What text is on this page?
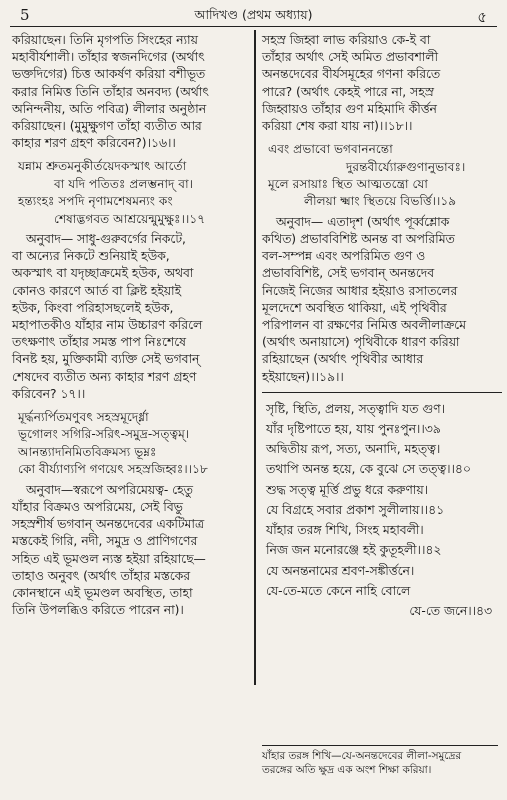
5	আদিখণ্ড (প্রথম অধ্যায়)	৫
করিয়াছেন। তিনি মৃগপতি সিংহের ন্যায়
মহাবীর্যশালী। তাঁহার স্বজনদিগের (অর্থাৎ
ভক্তদিগের) চিত্ত আকর্ষণ করিয়া বশীভূত
করার নিমিত্ত তিনি তাঁহার অনবদ্য (অর্থাৎ
অনিন্দনীয়, অতি পবিত্র) লীলার অনুষ্ঠান
করিয়াছেন। (মুমুক্ষুগণ তাঁহা ব্যতীত আর
কাহার শরণ গ্রহণ করিবেন?)।১৬।।
যন্নাম শ্রুতমনুকীর্তয়েদকস্মাৎ আর্তো
বা যদি পতিতঃ প্রলম্ভনাদ্ বা।
হন্ত্যংহঃ সপদি নৃণামশেষমন্যং কং
শেষাদ্ভগবত আশ্রয়েন্মুমুক্ষুঃ।।১৭
অনুবাদ— সাধু-গুরুবর্গের নিকটে,
বা অন্যের নিকটে শুনিয়াই হউক,
অকস্মাৎ বা যদৃচ্ছাক্রমেই হউক, অথবা
কোনও কারণে আর্ত বা ক্লিষ্ট হইয়াই
হউক, কিংবা পরিহাসছলেই হউক,
মহাপাতকীও যাঁহার নাম উচ্চারণ করিলে
তৎক্ষণাৎ তাঁহার সমস্ত পাপ নিঃশেষে
বিনষ্ট হয়, মুক্তিকামী ব্যক্তি সেই ভগবান্
শেষদেব ব্যতীত অন্য কাহার শরণ গ্রহণ
করিবেন? ১৭।।
মূর্দ্ধন্যর্পিতমণুবৎ সহস্রমূর্দ্ধ্নো
ভূগোলং সগিরি-সরিৎ-সমুদ্র-সত্ত্বম্।
আনন্ত্যাদনিমিতবিক্রমস্য ভূম্নঃ
কো বীর্য্যাণ্যপি গণয়েৎ সহস্রজিহ্বঃ।।১৮
অনুবাদ—স্বরূপে অপরিমেয়ত্ব- হেতু
যাঁহার বিক্রমও অপরিমেয়, সেই বিভু
সহস্রশীর্ষ ভগবান্ অনন্তদেবের একটিমাত্র
মস্তকেই গিরি, নদী, সমুদ্র ও প্রাণিগণের
সহিত এই ভূমণ্ডল ন্যস্ত হইয়া রহিয়াছে—
তাহাও অনুবৎ (অর্থাৎ তাঁহার মস্তকের
কোনস্থানে এই ভূমণ্ডল অবস্থিত, তাহা
তিনি উপলব্ধিও করিতে পারেন না)।
সহস্র জিহ্বা লাভ করিয়াও কে-ই বা
তাঁহার অর্থাৎ সেই অমিত প্রভাবশালী
অনন্তদেবের বীর্যসমূহের গণনা করিতে
পারে? (অর্থাৎ কেহই পারে না, সহস্র
জিহ্বায়ও তাঁহার গুণ মহিমাদি কীর্ত্তন
করিয়া শেষ করা যায় না)।।১৮।।
এবং প্রভাবো ভগবাননন্তো
দুরন্তবীর্য্যোরুগুণানুভাবঃ।
মূলে রসায়াঃ স্থিত আত্মতন্ত্রো যো
লীলয়া ক্ষ্মাং স্থিতয়ে বিভর্ত্তি।।১৯
অনুবাদ— এতাদৃশ (অর্থাৎ পূর্ব্বশ্লোক
কথিত) প্রভাববিশিষ্ট অনন্ত বা অপরিমিত
বল-সম্পন্ন এবং অপরিমিত গুণ ও
প্রভাববিশিষ্ট, সেই ভগবান্ অনন্তদেব
নিজেই নিজের আধার হইয়াও রসাতলের
মূলদেশে অবস্থিত থাকিয়া, এই পৃথিবীর
পরিপালন বা রক্ষণের নিমিত্ত অবলীলাক্রমে
(অর্থাৎ অনায়াসে) পৃথিবীকে ধারণ করিয়া
রহিয়াছেন (অর্থাৎ পৃথিবীর আধার
হইয়াছেন)।।১৯।।
সৃষ্টি, স্থিতি, প্রলয়, সত্ত্বাদি যত গুণ।
যাঁর দৃষ্টিপাতে হয়, যায় পুনঃপুন।।৩৯
অদ্বিতীয় রূপ, সত্য, অনাদি, মহত্ত্ব।
তথাপি অনন্ত হয়ে, কে বুঝে সে তত্ত্ব।।৪০
শুদ্ধ সত্ত্ব মূর্ত্তি প্রভু ধরে করুণায়।
যে বিগ্রহে সবার প্রকাশ সুলীলায়।।৪১
যাঁহার তরঙ্গ শিখি, সিংহ মহাবলী।
নিজ জন মনোরঞ্জে হই কুতূহলী।।৪২
যে অনন্তনামের শ্রবণ-সঙ্কীর্ত্তনে।
যে-তে-মতে কেনে নাহি বোলে
যে-তে জনে।।৪৩
যাঁহার তরঙ্গ শিখি—যে-অনন্তদেবের লীলা-সমুদ্রের
তরঙ্গের অতি ক্ষুদ্র এক অংশ শিক্ষা করিয়া।
